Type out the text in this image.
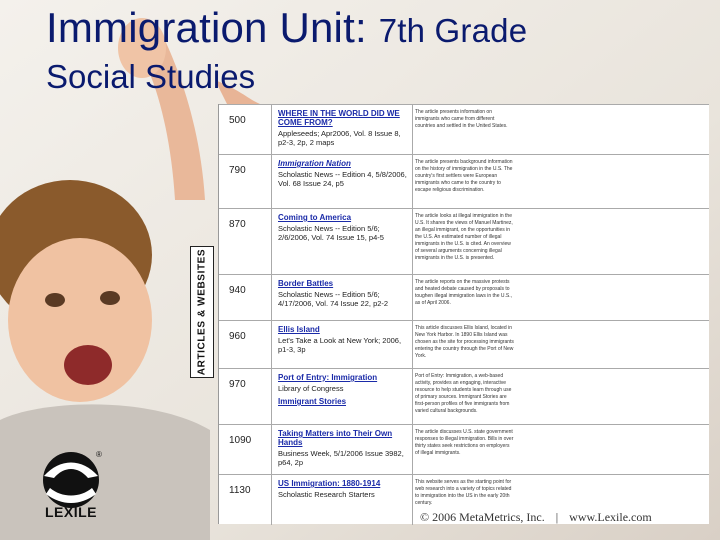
Immigration Unit: 7th Grade
Social Studies
ARTICLES & WEBSITES
500
WHERE IN THE WORLD DID WE COME FROM?
Appleseeds; Apr2006, Vol. 8 Issue 8, p2-3, 2p, 2 maps
The article presents information on immigrants who came from different countries and settled in the United States.
790
Immigration Nation
Scholastic News -- Edition 4, 5/8/2006, Vol. 68 Issue 24, p5
The article presents background information on the history of immigration in the U.S. The country's first settlers were European immigrants who came to the country to escape religious discrimination.
870
Coming to America
Scholastic News -- Edition 5/6; 2/6/2006, Vol. 74 Issue 15, p4-5
The article looks at illegal immigration in the U.S. It shares the views of Manuel Martinez, an illegal immigrant, on the opportunities in the U.S. An estimated number of illegal immigrants in the U.S. is cited. An overview of several arguments concerning illegal immigrants in the U.S. is presented.
940
Border Battles
Scholastic News -- Edition 5/6; 4/17/2006, Vol. 74 Issue 22, p2-2
The article reports on the massive protests and heated debate caused by proposals to toughen illegal immigration laws in the U.S., as of April 2006.
960
Ellis Island
Let's Take a Look at New York; 2006, p1-3, 3p
This article discusses Ellis Island, located in New York Harbor. In 1890 Ellis Island was chosen as the site for processing immigrants entering the country through the Port of New York.
970
Port of Entry: Immigration
Library of Congress
Immigrant Stories
Port of Entry: Immigration, a web-based activity, provides an engaging, interactive resource to help students learn through use of primary sources. Immigrant Stories are first-person profiles of five immigrants from varied cultural backgrounds.
1090
Taking Matters into Their Own Hands
Business Week, 5/1/2006 Issue 3982, p64, 2p
The article discusses U.S. state government responses to illegal immigration. Bills in over thirty states seek restrictions on employers of illegal immigrants.
1130
US Immigration: 1880-1914
Scholastic Research Starters
This website serves as the starting point for web research into a variety of topics related to immigration into the US in the early 20th century.
®
LEXILE	© 2006 MetaMetrics, Inc. | www.Lexile.com
